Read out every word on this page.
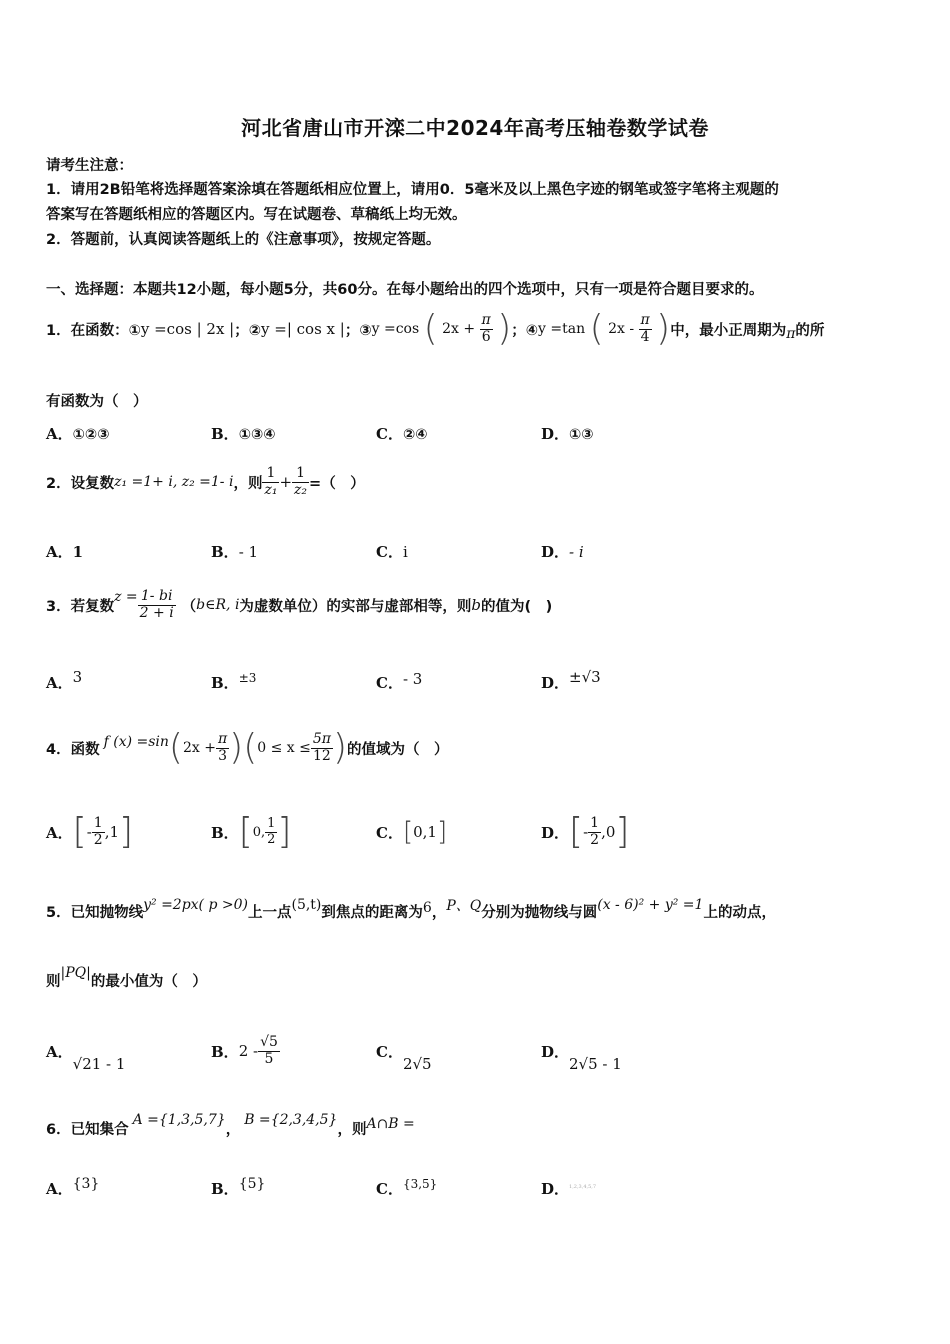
河北省唐山市开滦二中2024年高考压轴卷数学试卷
请考生注意：
1．请用2B铅笔将选择题答案涂填在答题纸相应位置上，请用0．5毫米及以上黑色字迹的钢笔或签字笔将主观题的
答案写在答题纸相应的答题区内。写在试题卷、草稿纸上均无效。
2．答题前，认真阅读答题纸上的《注意事项》，按规定答题。
一、选择题：本题共12小题，每小题5分，共60分。在每小题给出的四个选项中，只有一项是符合题目要求的。
1．在函数：① y =cos | 2x | ；② y =| cos x | ；③ y =cos ( $2x + \frac{\pi}{6}$ ) ；④ y =tan ( $2x - \frac{\pi}{4}$ ) 中，最小正周期为 π 的所
有函数为（　）
A．①②③	B．①③④	C．②④	D．①③
2．设复数 z₁ =1+ i, z₂ =1- i ，则 $\frac{1}{\text{z₁}} + \frac{1}{\text{z₂}}$ =（　）
A．1	B．- 1	C．i	D．- i
3．若复数
$z = \frac{1- bi}{2 + i}$ （ b∈R, i 为虚数单位）的实部与虚部相等，则 b 的值为(　)
A．3	B．$^{\pm 3}$	C．- 3	D．±√3
4．函数 f (x) =sin ( $2x + \frac{\pi}{3}$ ) ( $0 \le x \le \frac{5\pi}{12}$ ) 的值域为（　）
A． [ - $\frac{1}{2} ,1$ ]	B． [ 0, $\frac{1}{2}$ ]	C． [ 0,1 ]	D． [ - $\frac{1}{2} ,0$ ]
5．已知抛物线 y² =2px( p >0) 上一点 (5,t) 到焦点的距离为 6 ， P、Q 分别为抛物线与圆 (x - 6)² + y² =1 上的动点，
则
|PQ|
的最小值为（　）
A．
√21 - 1
B． $2 - \frac{√5}{5}$	C．
2√5
D．
2√5 - 1
6．已知集合
A ={1,3,5,7}
，
B ={2,3,4,5}
，则 A∩B =
A．{3}	B．{5}	C．$^{\{3,5\}}$	D．$^{1,2,3,4,5,7}$
